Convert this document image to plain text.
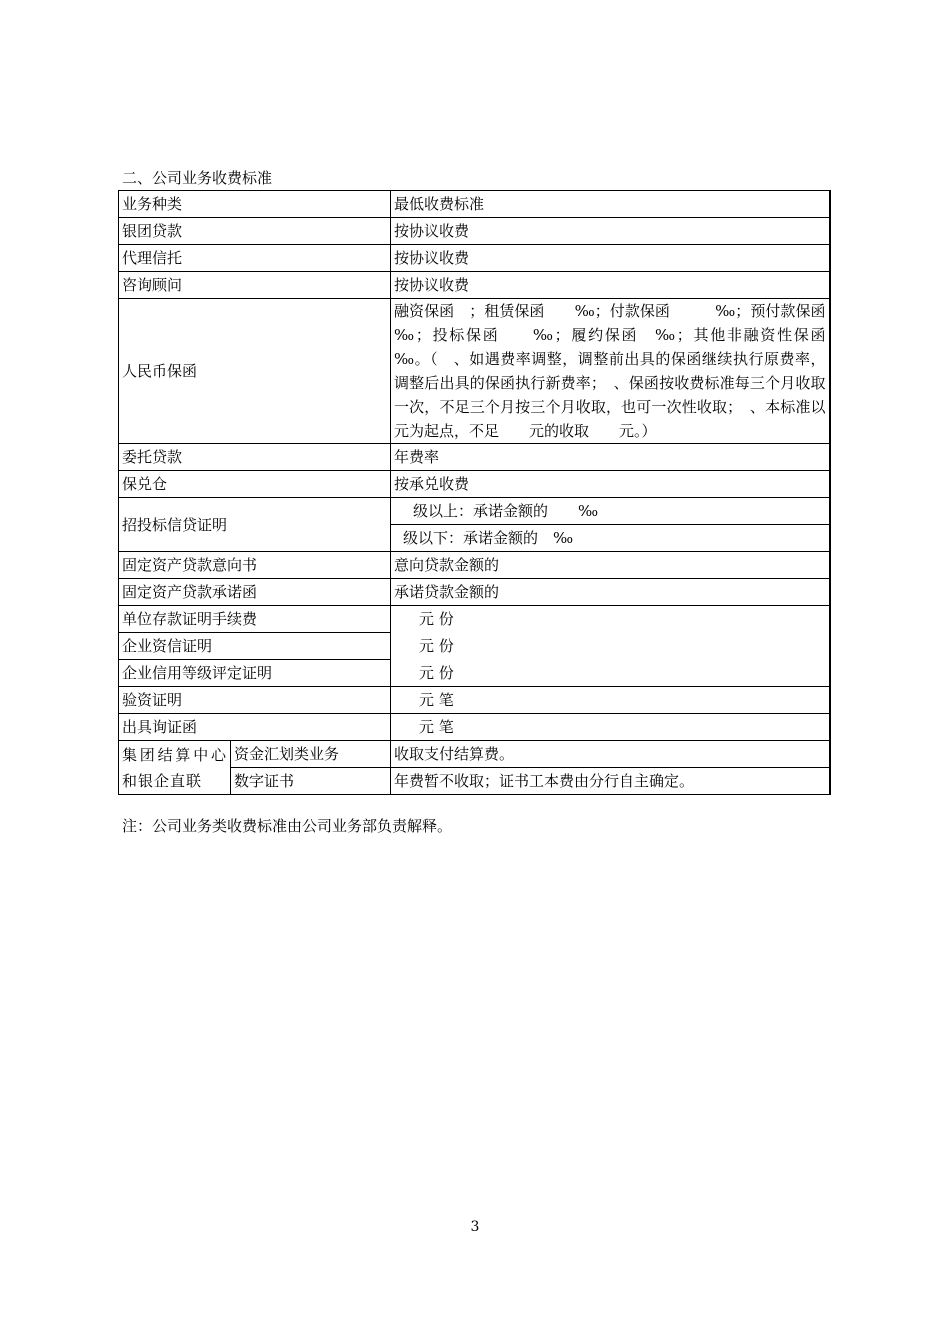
二、公司业务收费标准
业务种类		最低收费标准
银团贷款		按协议收费
代理信托		按协议收费
咨询顾问		按协议收费
人民币保函		融资保函　；租赁保函　　‰；付款保函　　　‰；预付款保函　‰；投标保函　　‰；履约保函　‰；其他非融资性保函　‰。（　、如遇费率调整，调整前出具的保函继续执行原费率，调整后出具的保函执行新费率；　、保函按收费标准每三个月收取一次，不足三个月按三个月收取，也可一次性收取；　、本标准以　　元为起点，不足　　元的收取　　元。）
委托贷款		年费率
保兑仓		按承兑收费
招投标信贷证明		级以上：承诺金额的　　‰
		级以下：承诺金额的　‰
固定资产贷款意向书		意向贷款金额的
固定资产贷款承诺函		承诺贷款金额的
单位存款证明手续费		元 份
企业资信证明		元 份
企业信用等级评定证明		元 份
验资证明		元 笔
出具询证函		元 笔
集团结算中心和银企直联	资金汇划类业务	收取支付结算费。
	数字证书	年费暂不收取；证书工本费由分行自主确定。
注：公司业务类收费标准由公司业务部负责解释。
3
